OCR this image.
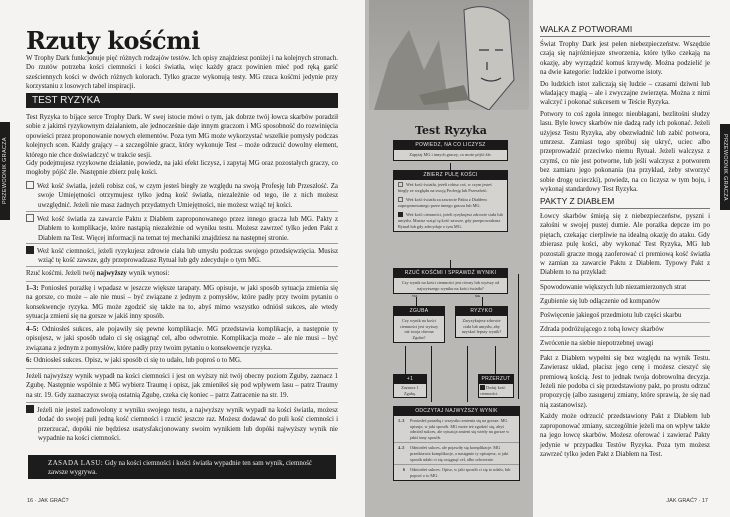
PRZEWODNIK GRACZA
Rzuty kośćmi

W Trophy Dark funkcjonuje pięć różnych rodzajów testów. Ich opisy znajdziesz poniżej i na kolejnych stronach. Do rzutów potrzeba kości ciemności i kości światła, więc każdy gracz powinien mieć pod ręką garść sześciennych kości w dwóch różnych kolorach. Tylko gracze wykonują testy. MG rzuca kośćmi jedynie przy korzystaniu z losowych tabel inspiracji.

TEST RYZYKA

Test Ryzyka to bijące serce Trophy Dark. W swej istocie mówi o tym, jak dobrze twój łowca skarbów poradził sobie z jakimś ryzykownym działaniem, ale jednocześnie daje innym graczom i MG sposobność do rozwinięcia opowieści przez proponowanie nowych elementów. Poza tym MG może wykorzystać wszelkie pomysły podczas kolejnych scen. Każdy grający – a szczególnie gracz, który wykonuje Test – może odrzucić dowolny element, którego nie chce doświadczyć w trakcie sesji.

Gdy podejmujesz ryzykowne działanie, powiedz, na jaki efekt liczysz, i zapytaj MG oraz pozostałych graczy, co mogłoby pójść źle. Następnie zbierz pulę kości.

Weź kość światła, jeżeli robisz coś, w czym jesteś biegły ze względu na swoją Profesję lub Przeszłość. Za swoje Umiejętności otrzymujesz tylko jedną kość światła, niezależnie od tego, ile z nich możesz uwzględnić. Jeżeli nie masz żadnych przydatnych Umiejętności, nie możesz wziąć tej kości.

Weź kość światła za zawarcie Paktu z Diabłem zaproponowanego przez innego gracza lub MG. Pakty z Diabłem to komplikacje, które nastąpią niezależnie od wyniku testu. Możesz zawrzeć tylko jeden Pakt z Diabłem na Test. Więcej informacji na temat tej mechaniki znajdziesz na następnej stronie.

Weź kość ciemności, jeżeli ryzykujesz zdrowie ciała lub umysłu podczas swojego przedsięwzięcia. Musisz wziąć tę kość zawsze, gdy przeprowadzasz Rytuał lub gdy zdecyduje o tym MG.

Rzuć kośćmi. Jeżeli twój najwyższy wynik wynosi:

1–3: Poniosłeś porażkę i wpadasz w jeszcze większe tarapaty. MG opisuje, w jaki sposób sytuacja zmienia się na gorsze, co może – ale nie musi – być związane z jednym z pomysłów, które padły przy twoim pytaniu o konsekwencje ryzyka. MG może zgodzić się także na to, abyś mimo wszystko odniósł sukces, ale wtedy sytuacja zmieni się na gorsze w jakiś inny sposób.

4–5: Odniosłeś sukces, ale pojawiły się pewne komplikacje. MG przedstawia komplikacje, a następnie ty opisujesz, w jaki sposób udało ci się osiągnąć cel, albo odwrotnie. Komplikacja może – ale nie musi – być związana z jednym z pomysłów, które padły przy twoim pytaniu o konsekwencje ryzyka.

6: Odniosłeś sukces. Opisz, w jaki sposób ci się to udało, lub poproś o to MG.

Jeżeli najwyższy wynik wypadł na kości ciemności i jest on wyższy niż twój obecny poziom Zguby, zaznacz 1 Zgubę. Następnie wspólnie z MG wybierz Traumę i opisz, jak zmieniłeś się pod wpływem lasu – patrz Traumy na str. 19. Gdy zaznaczysz swoją ostatnią Zgubę, czeka cię koniec – patrz Zatracenie na str. 19.

Jeżeli nie jesteś zadowolony z wyniku swojego testu, a najwyższy wynik wypadł na kości światła, możesz dodać do swojej puli jedną kość ciemności i rzucić jeszcze raz. Możesz dodawać do puli kość ciemności i przerzucać, dopóki nie będziesz usatysfakcjonowany swoim wynikiem lub dopóki najwyższy wynik nie wypadnie na kości ciemności.

ZASADA LASU: Gdy na kości ciemności i kości światła wypadnie ten sam wynik, ciemność zawsze wygrywa.
16 · JAK GRAĆ?
Test Ryzyka
POWIEDZ, NA CO LICZYSZ
Zapytaj MG i innych graczy, co może pójść źle.
ZBIERZ PULĘ KOŚCI
Weź kość światła, jeżeli robisz coś, w czym jesteś biegły ze względu na swoją Profesję lub Przeszłość.
Weź kość światła za zawarcie Paktu z Diabłem zaproponowanego przez innego gracza lub MG.
Weź kość ciemności, jeżeli ryzykujesz zdrowie ciała lub umysłu. Musisz wziąć tę kość zawsze, gdy przeprowadzasz Rytuał lub gdy zdecyduje o tym MG.
RZUĆ KOŚĆMI I SPRAWDŹ WYNIKI
Czy wynik na kości ciemności jest równy lub wyższy od najwyższego wyniku na kości światła?
TAK	NIE
ZGUBA
Czy wynik na kości ciemności jest wyższy niż twoja obecna Zguba?
RYZYKO
Zaryzykujesz zdrowie ciała lub umysłu, aby uzyskać lepszy wynik?
+1
Zaznacz 1 Zgubę.
PRZERZUT
Dodaj kość ciemności.
ODCZYTAJ NAJWYŻSZY WYNIK
1–3	Poniosłeś porażkę i wszystko zmienia się na gorsze. MG opisuje, w jaki sposób. MG może też zgodzić się, abyś odniósł sukces, ale sytuacja zmieni się wtedy na gorsze w jakiś inny sposób.
4–5	Odniosłeś sukces, ale pojawiły się komplikacje. MG przedstawia komplikacje, a następnie ty opisujesz, w jaki sposób udało ci się osiągnąć cel, albo odwrotnie.
6	Odniosłeś sukces. Opisz, w jaki sposób ci się to udało, lub poproś o to MG.
PRZEWODNIK GRACZA
WALKA Z POTWORAMI

Świat Trophy Dark jest pełen niebezpieczeństw. Wszędzie czają się najróżniejsze stworzenia, które tylko czekają na okazję, aby wyrządzić komuś krzywdę. Można podzielić je na dwie kategorie: ludzkie i potworne istoty.

Do ludzkich istot zaliczają się ludzie – czasami dziwni lub władający magią – ale i zwyczajne zwierzęta. Można z nimi walczyć i pokonać sukcesem w Teście Ryzyka.

Potwory to coś zgoła innego: nieubłagani, bezlitośni słudzy lasu. Byle łowcy skarbów nie dadzą rady ich pokonać. Jeżeli użyjesz Testu Ryzyka, aby obezwładnić lub zabić potwora, umrzesz. Zamiast tego spróbuj się ukryć, uciec albo przeprowadzić przeciwko niemu Rytuał. Jeżeli walczysz z czymś, co nie jest potworne, lub jeśli walczysz z potworem bez zamiaru jego pokonania (na przykład, żeby stworzyć sobie drogę ucieczki), powiedz, na co liczysz w tym boju, i wykonaj standardowy Test Ryzyka.

PAKTY Z DIABŁEM

Łowcy skarbów śmieją się z niebezpieczeństw, pyszni i załośni w swojej pustej dumie. Ale porażka depcze im po piętach, czekając cierpliwie na idealną okazję do ataku. Gdy zbierasz pulę kości, aby wykonać Test Ryzyka, MG lub pozostali gracze mogą zaoferować ci premiową kość światła w zamian za zawarcie Paktu z Diabłem. Typowy Pakt z Diabłem to na przykład:

Spowodowanie większych lub niezamierzonych strat
Zgubienie się lub odłączenie od kompanów
Poświęcenie jakiegoś przedmiotu lub części skarbu
Zdrada podróżującego z tobą łowcy skarbów
Zwrócenie na siebie niepotrzebnej uwagi

Pakt z Diabłem wypełni się bez względu na wynik Testu. Zawierasz układ, płacisz jego cenę i możesz cieszyć się premiową kością. Jest to jednak twoja dobrowolna decyzja. Jeżeli nie podoba ci się przedstawiony pakt, po prostu odrzuć propozycję (albo zasugeruj zmiany, które sprawią, że się nad nią zastanowisz).

Każdy może odrzucić przedstawiony Pakt z Diabłem lub zaproponować zmiany, szczególnie jeżeli ma on wpływ także na jego łowcę skarbów. Możesz oferować i zawierać Pakty jedynie w przypadku Testów Ryzyka. Poza tym możesz zawrzeć tylko jeden Pakt z Diabłem na Test.

JAK GRAĆ? · 17
